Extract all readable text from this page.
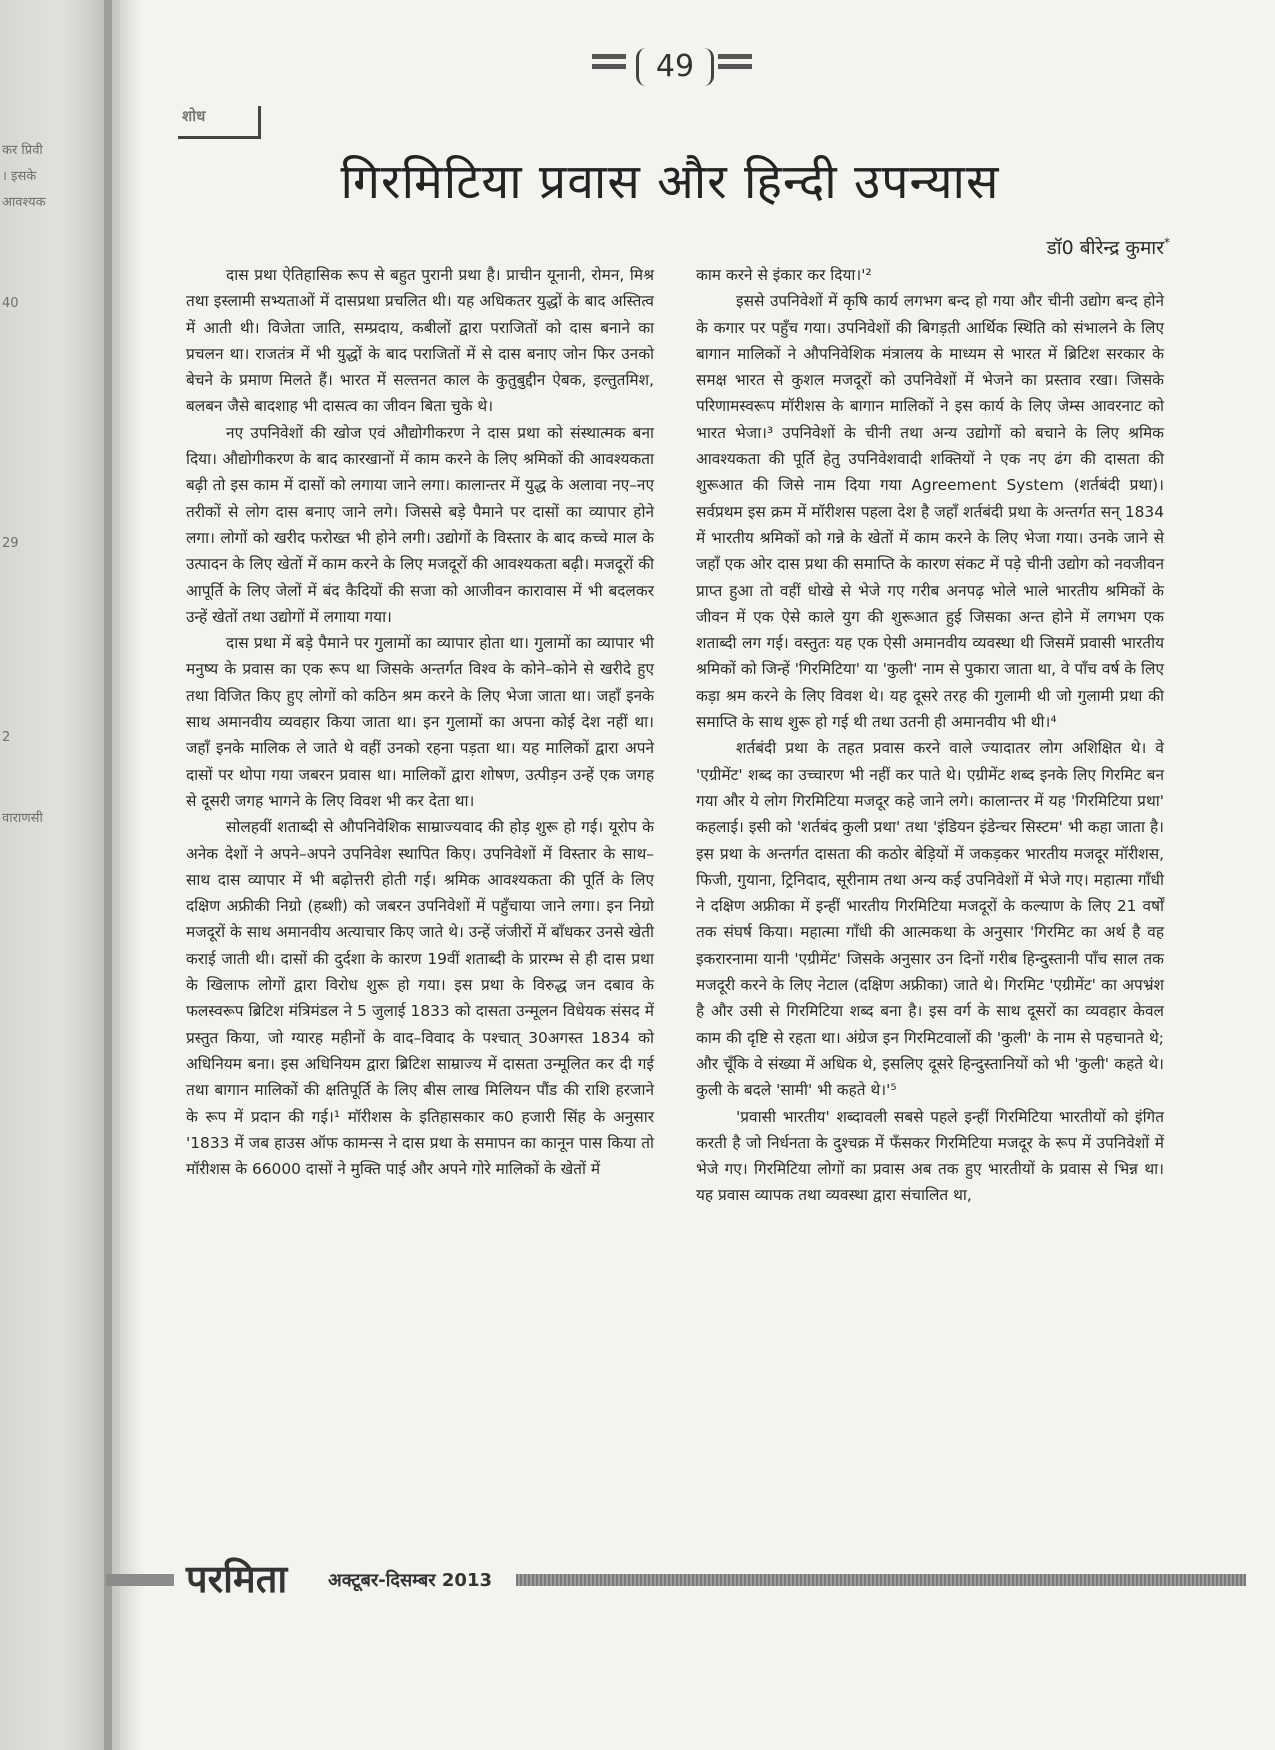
कर प्रिवी
। इसके
आवश्यक
40
29
2
वाराणसी
49
शोध
गिरमिटिया प्रवास और हिन्दी उपन्यास
डॉ0 बीरेन्द्र कुमार*

दास प्रथा ऐतिहासिक रूप से बहुत पुरानी प्रथा है। प्राचीन यूनानी, रोमन, मिश्र तथा इस्लामी सभ्यताओं में दासप्रथा प्रचलित थी। यह अधिकतर युद्धों के बाद अस्तित्व में आती थी। विजेता जाति, सम्प्रदाय, कबीलों द्वारा पराजितों को दास बनाने का प्रचलन था। राजतंत्र में भी युद्धों के बाद पराजितों में से दास बनाए जोन फिर उनको बेचने के प्रमाण मिलते हैं। भारत में सल्तनत काल के कुतुबुद्दीन ऐबक, इल्तुतमिश, बलबन जैसे बादशाह भी दासत्व का जीवन बिता चुके थे।

नए उपनिवेशों की खोज एवं औद्योगीकरण ने दास प्रथा को संस्थात्मक बना दिया। औद्योगीकरण के बाद कारखानों में काम करने के लिए श्रमिकों की आवश्यकता बढ़ी तो इस काम में दासों को लगाया जाने लगा। कालान्तर में युद्ध के अलावा नए–नए तरीकों से लोग दास बनाए जाने लगे। जिससे बड़े पैमाने पर दासों का व्यापार होने लगा। लोगों को खरीद फरोख्त भी होने लगी। उद्योगों के विस्तार के बाद कच्चे माल के उत्पादन के लिए खेतों में काम करने के लिए मजदूरों की आवश्यकता बढ़ी। मजदूरों की आपूर्ति के लिए जेलों में बंद कैदियों की सजा को आजीवन कारावास में भी बदलकर उन्हें खेतों तथा उद्योगों में लगाया गया।

दास प्रथा में बड़े पैमाने पर गुलामों का व्यापार होता था। गुलामों का व्यापार भी मनुष्य के प्रवास का एक रूप था जिसके अन्तर्गत विश्व के कोने–कोने से खरीदे हुए तथा विजित किए हुए लोगों को कठिन श्रम करने के लिए भेजा जाता था। जहाँ इनके साथ अमानवीय व्यवहार किया जाता था। इन गुलामों का अपना कोई देश नहीं था। जहाँ इनके मालिक ले जाते थे वहीं उनको रहना पड़ता था। यह मालिकों द्वारा अपने दासों पर थोपा गया जबरन प्रवास था। मालिकों द्वारा शोषण, उत्पीड़न उन्हें एक जगह से दूसरी जगह भागने के लिए विवश भी कर देता था।

सोलहवीं शताब्दी से औपनिवेशिक साम्राज्यवाद की होड़ शुरू हो गई। यूरोप के अनेक देशों ने अपने–अपने उपनिवेश स्थापित किए। उपनिवेशों में विस्तार के साथ–साथ दास व्यापार में भी बढ़ोत्तरी होती गई। श्रमिक आवश्यकता की पूर्ति के लिए दक्षिण अफ्रीकी निग्रो (हब्शी) को जबरन उपनिवेशों में पहुँचाया जाने लगा। इन निग्रो मजदूरों के साथ अमानवीय अत्याचार किए जाते थे। उन्हें जंजीरों में बाँधकर उनसे खेती कराई जाती थी। दासों की दुर्दशा के कारण 19वीं शताब्दी के प्रारम्भ से ही दास प्रथा के खिलाफ लोगों द्वारा विरोध शुरू हो गया। इस प्रथा के विरुद्ध जन दबाव के फलस्वरूप ब्रिटिश मंत्रिमंडल ने 5 जुलाई 1833 को दासता उन्मूलन विधेयक संसद में प्रस्तुत किया, जो ग्यारह महीनों के वाद–विवाद के पश्चात् 30अगस्त 1834 को अधिनियम बना। इस अधिनियम द्वारा ब्रिटिश साम्राज्य में दासता उन्मूलित कर दी गई तथा बागान मालिकों की क्षतिपूर्ति के लिए बीस लाख मिलियन पौंड की राशि हरजाने के रूप में प्रदान की गई।¹ मॉरीशस के इतिहासकार क0 हजारी सिंह के अनुसार '1833 में जब हाउस ऑफ कामन्स ने दास प्रथा के समापन का कानून पास किया तो मॉरीशस के 66000 दासों ने मुक्ति पाई और अपने गोरे मालिकों के खेतों में

काम करने से इंकार कर दिया।'²

इससे उपनिवेशों में कृषि कार्य लगभग बन्द हो गया और चीनी उद्योग बन्द होने के कगार पर पहुँच गया। उपनिवेशों की बिगड़ती आर्थिक स्थिति को संभालने के लिए बागान मालिकों ने औपनिवेशिक मंत्रालय के माध्यम से भारत में ब्रिटिश सरकार के समक्ष भारत से कुशल मजदूरों को उपनिवेशों में भेजने का प्रस्ताव रखा। जिसके परिणामस्वरूप मॉरीशस के बागान मालिकों ने इस कार्य के लिए जेम्स आवरनाट को भारत भेजा।³ उपनिवेशों के चीनी तथा अन्य उद्योगों को बचाने के लिए श्रमिक आवश्यकता की पूर्ति हेतु उपनिवेशवादी शक्तियों ने एक नए ढंग की दासता की शुरूआत की जिसे नाम दिया गया Agreement System (शर्तबंदी प्रथा)। सर्वप्रथम इस क्रम में मॉरीशस पहला देश है जहाँ शर्तबंदी प्रथा के अन्तर्गत सन् 1834 में भारतीय श्रमिकों को गन्ने के खेतों में काम करने के लिए भेजा गया। उनके जाने से जहाँ एक ओर दास प्रथा की समाप्ति के कारण संकट में पड़े चीनी उद्योग को नवजीवन प्राप्त हुआ तो वहीं धोखे से भेजे गए गरीब अनपढ़ भोले भाले भारतीय श्रमिकों के जीवन में एक ऐसे काले युग की शुरूआत हुई जिसका अन्त होने में लगभग एक शताब्दी लग गई। वस्तुतः यह एक ऐसी अमानवीय व्यवस्था थी जिसमें प्रवासी भारतीय श्रमिकों को जिन्हें 'गिरमिटिया' या 'कुली' नाम से पुकारा जाता था, वे पाँच वर्ष के लिए कड़ा श्रम करने के लिए विवश थे। यह दूसरे तरह की गुलामी थी जो गुलामी प्रथा की समाप्ति के साथ शुरू हो गई थी तथा उतनी ही अमानवीय भी थी।⁴

शर्तबंदी प्रथा के तहत प्रवास करने वाले ज्यादातर लोग अशिक्षित थे। वे 'एग्रीमेंट' शब्द का उच्चारण भी नहीं कर पाते थे। एग्रीमेंट शब्द इनके लिए गिरमिट बन गया और ये लोग गिरमिटिया मजदूर कहे जाने लगे। कालान्तर में यह 'गिरमिटिया प्रथा' कहलाई। इसी को 'शर्तबंद कुली प्रथा' तथा 'इंडियन इंडेन्चर सिस्टम' भी कहा जाता है। इस प्रथा के अन्तर्गत दासता की कठोर बेड़ियों में जकड़कर भारतीय मजदूर मॉरीशस, फिजी, गुयाना, ट्रिनिदाद, सूरीनाम तथा अन्य कई उपनिवेशों में भेजे गए। महात्मा गाँधी ने दक्षिण अफ्रीका में इन्हीं भारतीय गिरमिटिया मजदूरों के कल्याण के लिए 21 वर्षों तक संघर्ष किया। महात्मा गाँधी की आत्मकथा के अनुसार 'गिरमिट का अर्थ है वह इकरारनामा यानी 'एग्रीमेंट' जिसके अनुसार उन दिनों गरीब हिन्दुस्तानी पाँच साल तक मजदूरी करने के लिए नेटाल (दक्षिण अफ्रीका) जाते थे। गिरमिट 'एग्रीमेंट' का अपभ्रंश है और उसी से गिरमिटिया शब्द बना है। इस वर्ग के साथ दूसरों का व्यवहार केवल काम की दृष्टि से रहता था। अंग्रेज इन गिरमिटवालों की 'कुली' के नाम से पहचानते थे; और चूँकि वे संख्या में अधिक थे, इसलिए दूसरे हिन्दुस्तानियों को भी 'कुली' कहते थे। कुली के बदले 'सामी' भी कहते थे।'⁵

'प्रवासी भारतीय' शब्दावली सबसे पहले इन्हीं गिरमिटिया भारतीयों को इंगित करती है जो निर्धनता के दुश्चक्र में फँसकर गिरमिटिया मजदूर के रूप में उपनिवेशों में भेजे गए। गिरमिटिया लोगों का प्रवास अब तक हुए भारतीयों के प्रवास से भिन्न था। यह प्रवास व्यापक तथा व्यवस्था द्वारा संचालित था,

परमिता अक्टूबर-दिसम्बर 2013
